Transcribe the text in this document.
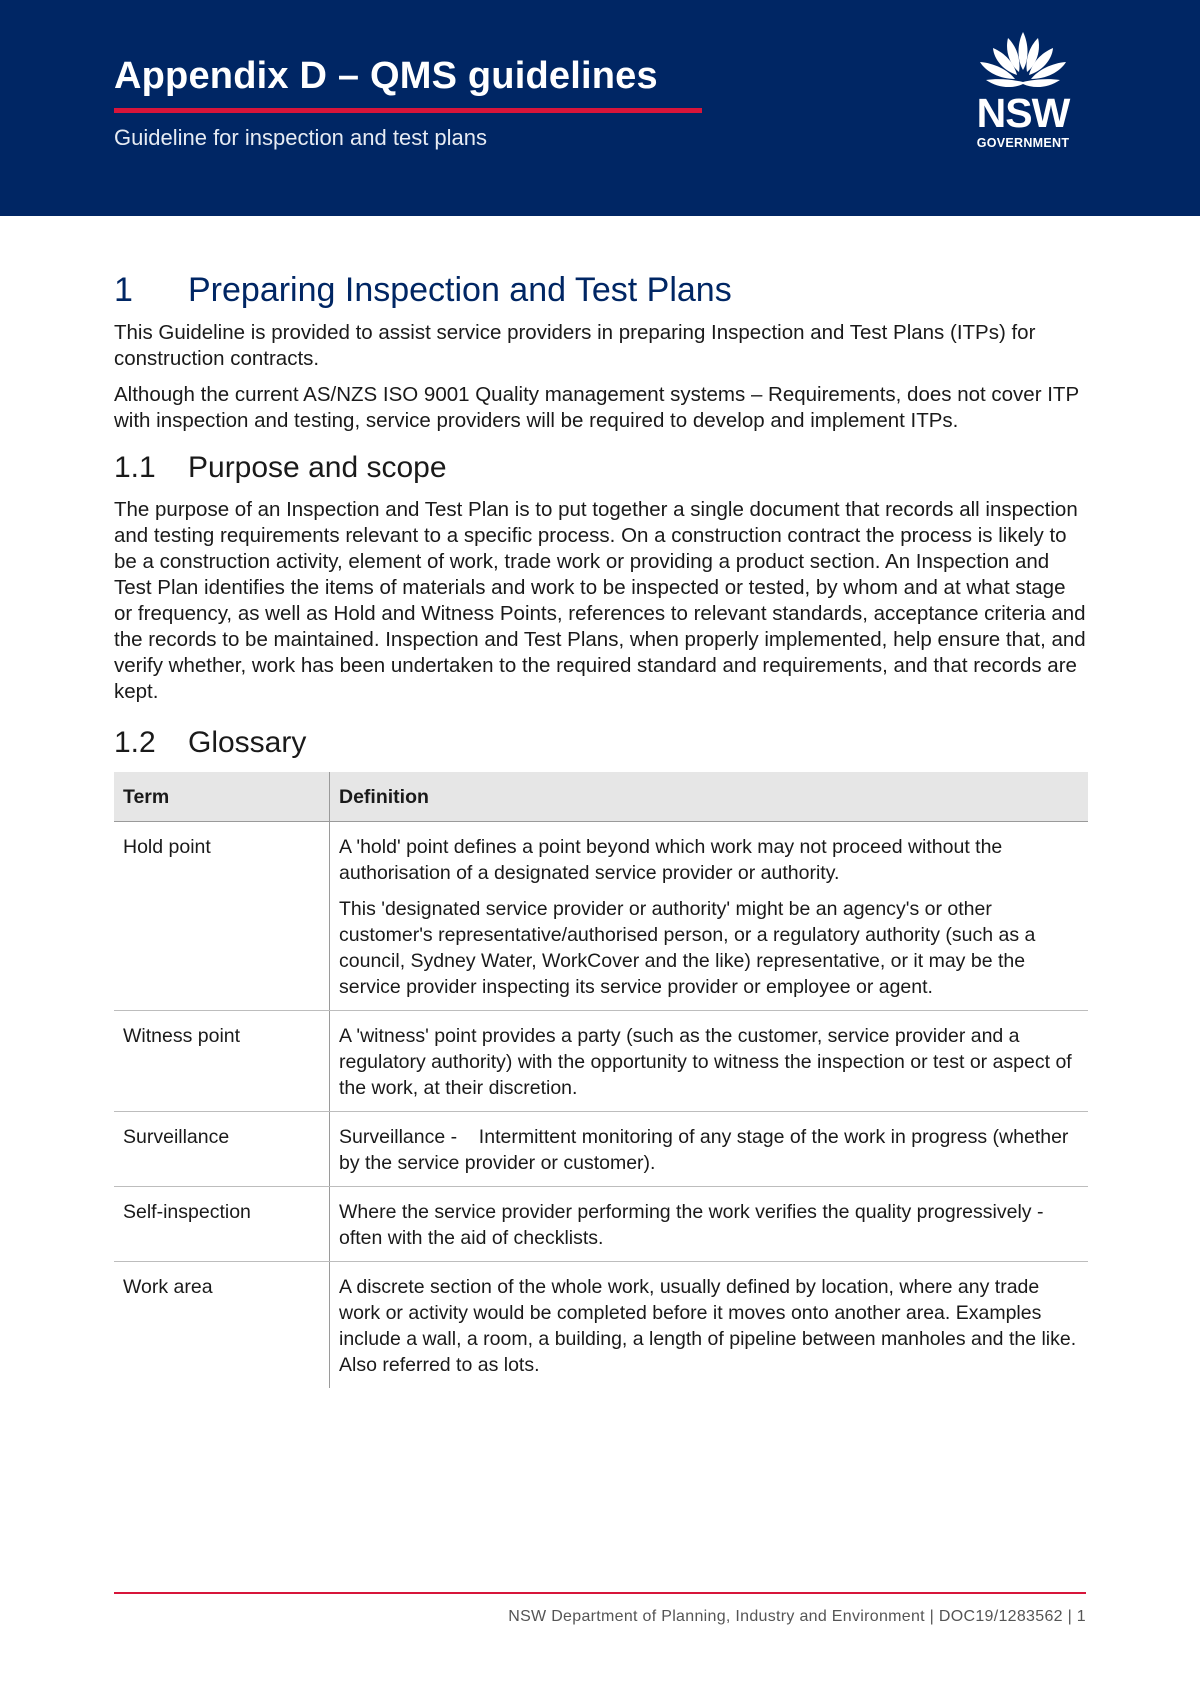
Appendix D – QMS guidelines
Guideline for inspection and test plans
NSW
GOVERNMENT
1	Preparing Inspection and Test Plans

This Guideline is provided to assist service providers in preparing Inspection and Test Plans (ITPs) for construction contracts.

Although the current AS/NZS ISO 9001 Quality management systems – Requirements, does not cover ITP with inspection and testing, service providers will be required to develop and implement ITPs.

1.1	Purpose and scope

The purpose of an Inspection and Test Plan is to put together a single document that records all inspection and testing requirements relevant to a specific process. On a construction contract the process is likely to be a construction activity, element of work, trade work or providing a product section. An Inspection and Test Plan identifies the items of materials and work to be inspected or tested, by whom and at what stage or frequency, as well as Hold and Witness Points, references to relevant standards, acceptance criteria and the records to be maintained. Inspection and Test Plans, when properly implemented, help ensure that, and verify whether, work has been undertaken to the required standard and requirements, and that records are kept.

1.2	Glossary
Term	Definition
Hold point	A 'hold' point defines a point beyond which work may not proceed without the authorisation of a designated service provider or authority.

This 'designated service provider or authority' might be an agency's or other customer's representative/authorised person, or a regulatory authority (such as a council, Sydney Water, WorkCover and the like) representative, or it may be the service provider inspecting its service provider or employee or agent.

Witness point	A 'witness' point provides a party (such as the customer, service provider and a regulatory authority) with the opportunity to witness the inspection or test or aspect of the work, at their discretion.

Surveillance	Surveillance -    Intermittent monitoring of any stage of the work in progress (whether by the service provider or customer).

Self-inspection	Where the service provider performing the work verifies the quality progressively - often with the aid of checklists.

Work area	A discrete section of the whole work, usually defined by location, where any trade work or activity would be completed before it moves onto another area. Examples include a wall, a room, a building, a length of pipeline between manholes and the like. Also referred to as lots.

NSW Department of Planning, Industry and Environment | DOC19/1283562 | 1
